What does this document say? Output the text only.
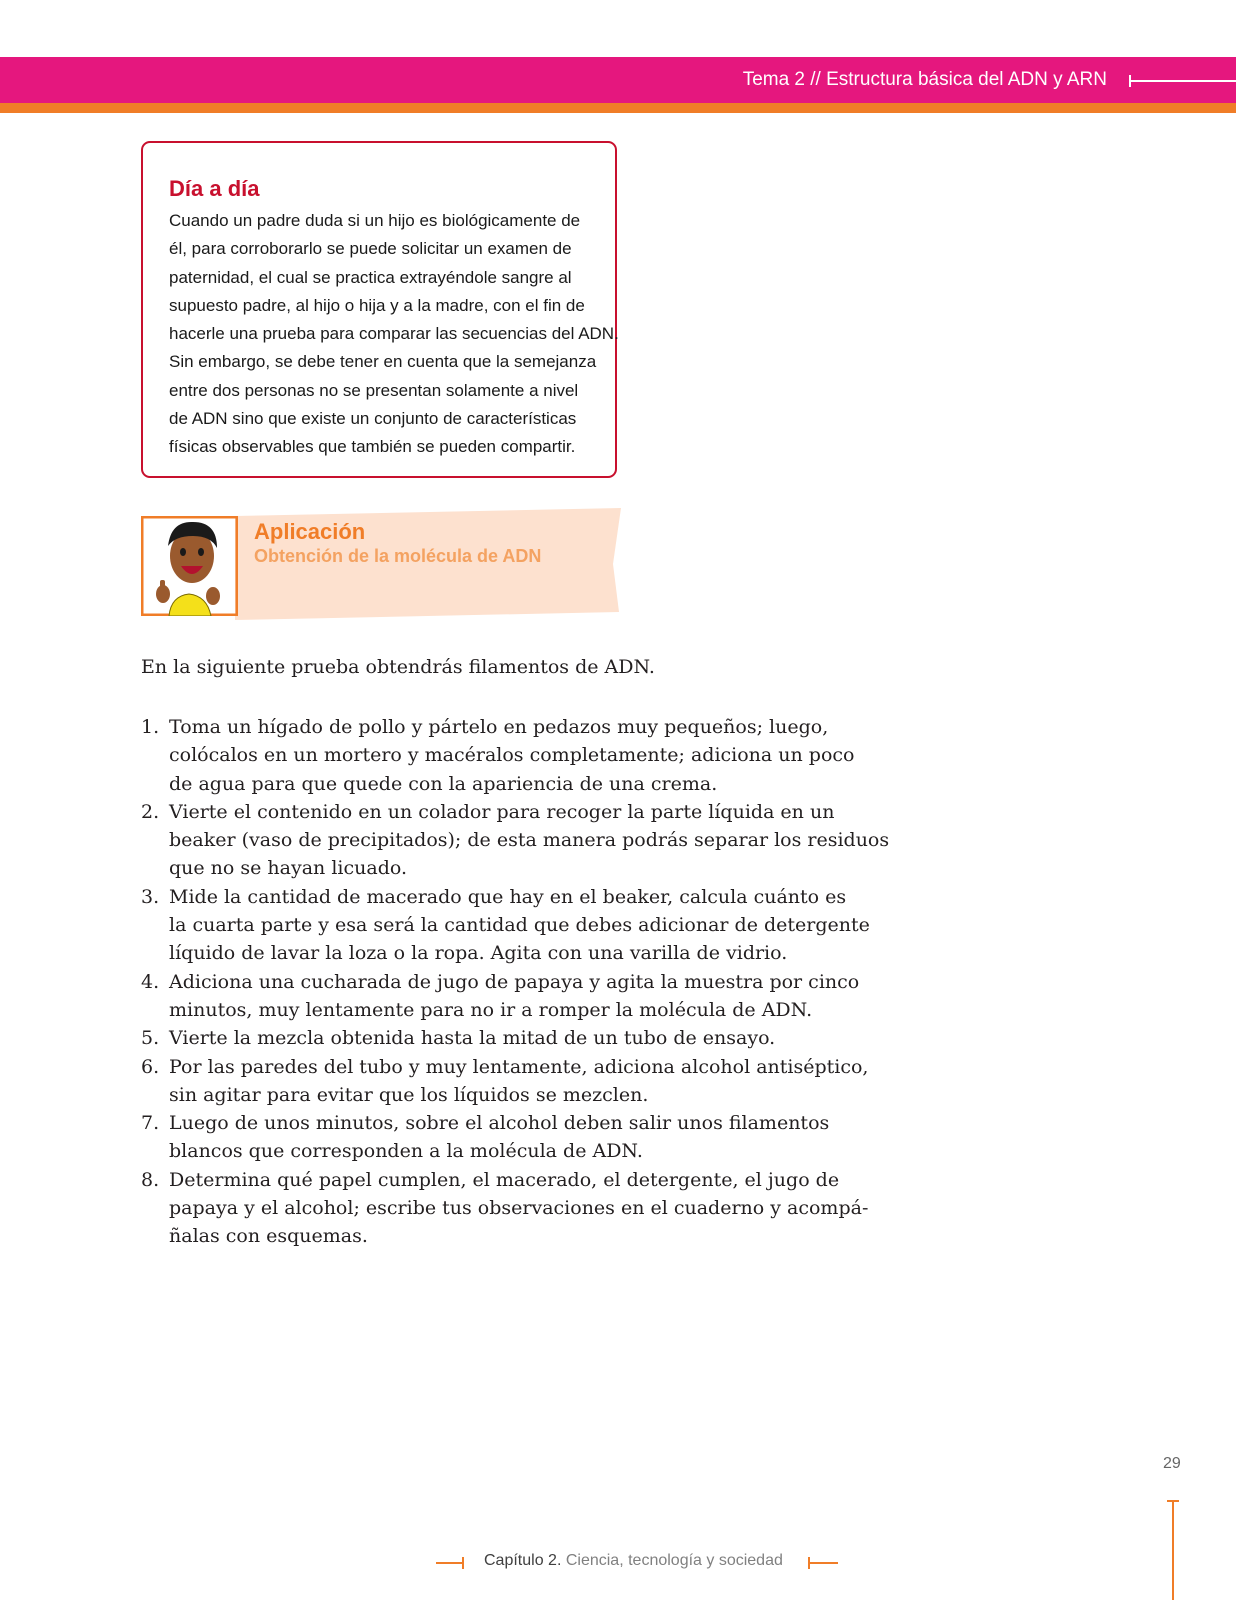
Tema 2 // Estructura básica del ADN y ARN
Día a día
Cuando un padre duda si un hijo es biológicamente de
él, para corroborarlo se puede solicitar un examen de
paternidad, el cual se practica extrayéndole sangre al
supuesto padre, al hijo o hija y a la madre, con el fin de
hacerle una prueba para comparar las secuencias del ADN.
Sin embargo, se debe tener en cuenta que la semejanza
entre dos personas no se presentan solamente a nivel
de ADN sino que existe un conjunto de características
físicas observables que también se pueden compartir.
Aplicación
Obtención de la molécula de ADN
En la siguiente prueba obtendrás filamentos de ADN.
1. Toma un hígado de pollo y pártelo en pedazos muy pequeños; luego,
colócalos en un mortero y macéralos completamente; adiciona un poco
de agua para que quede con la apariencia de una crema.
2. Vierte el contenido en un colador para recoger la parte líquida en un
beaker (vaso de precipitados); de esta manera podrás separar los residuos
que no se hayan licuado.
3. Mide la cantidad de macerado que hay en el beaker, calcula cuánto es
la cuarta parte y esa será la cantidad que debes adicionar de detergente
líquido de lavar la loza o la ropa. Agita con una varilla de vidrio.
4. Adiciona una cucharada de jugo de papaya y agita la muestra por cinco
minutos, muy lentamente para no ir a romper la molécula de ADN.
5. Vierte la mezcla obtenida hasta la mitad de un tubo de ensayo.
6. Por las paredes del tubo y muy lentamente, adiciona alcohol antiséptico,
sin agitar para evitar que los líquidos se mezclen.
7. Luego de unos minutos, sobre el alcohol deben salir unos filamentos
blancos que corresponden a la molécula de ADN.
8. Determina qué papel cumplen, el macerado, el detergente, el jugo de
papaya y el alcohol; escribe tus observaciones en el cuaderno y acompá-
ñalas con esquemas.
29
Capítulo 2. Ciencia, tecnología y sociedad
